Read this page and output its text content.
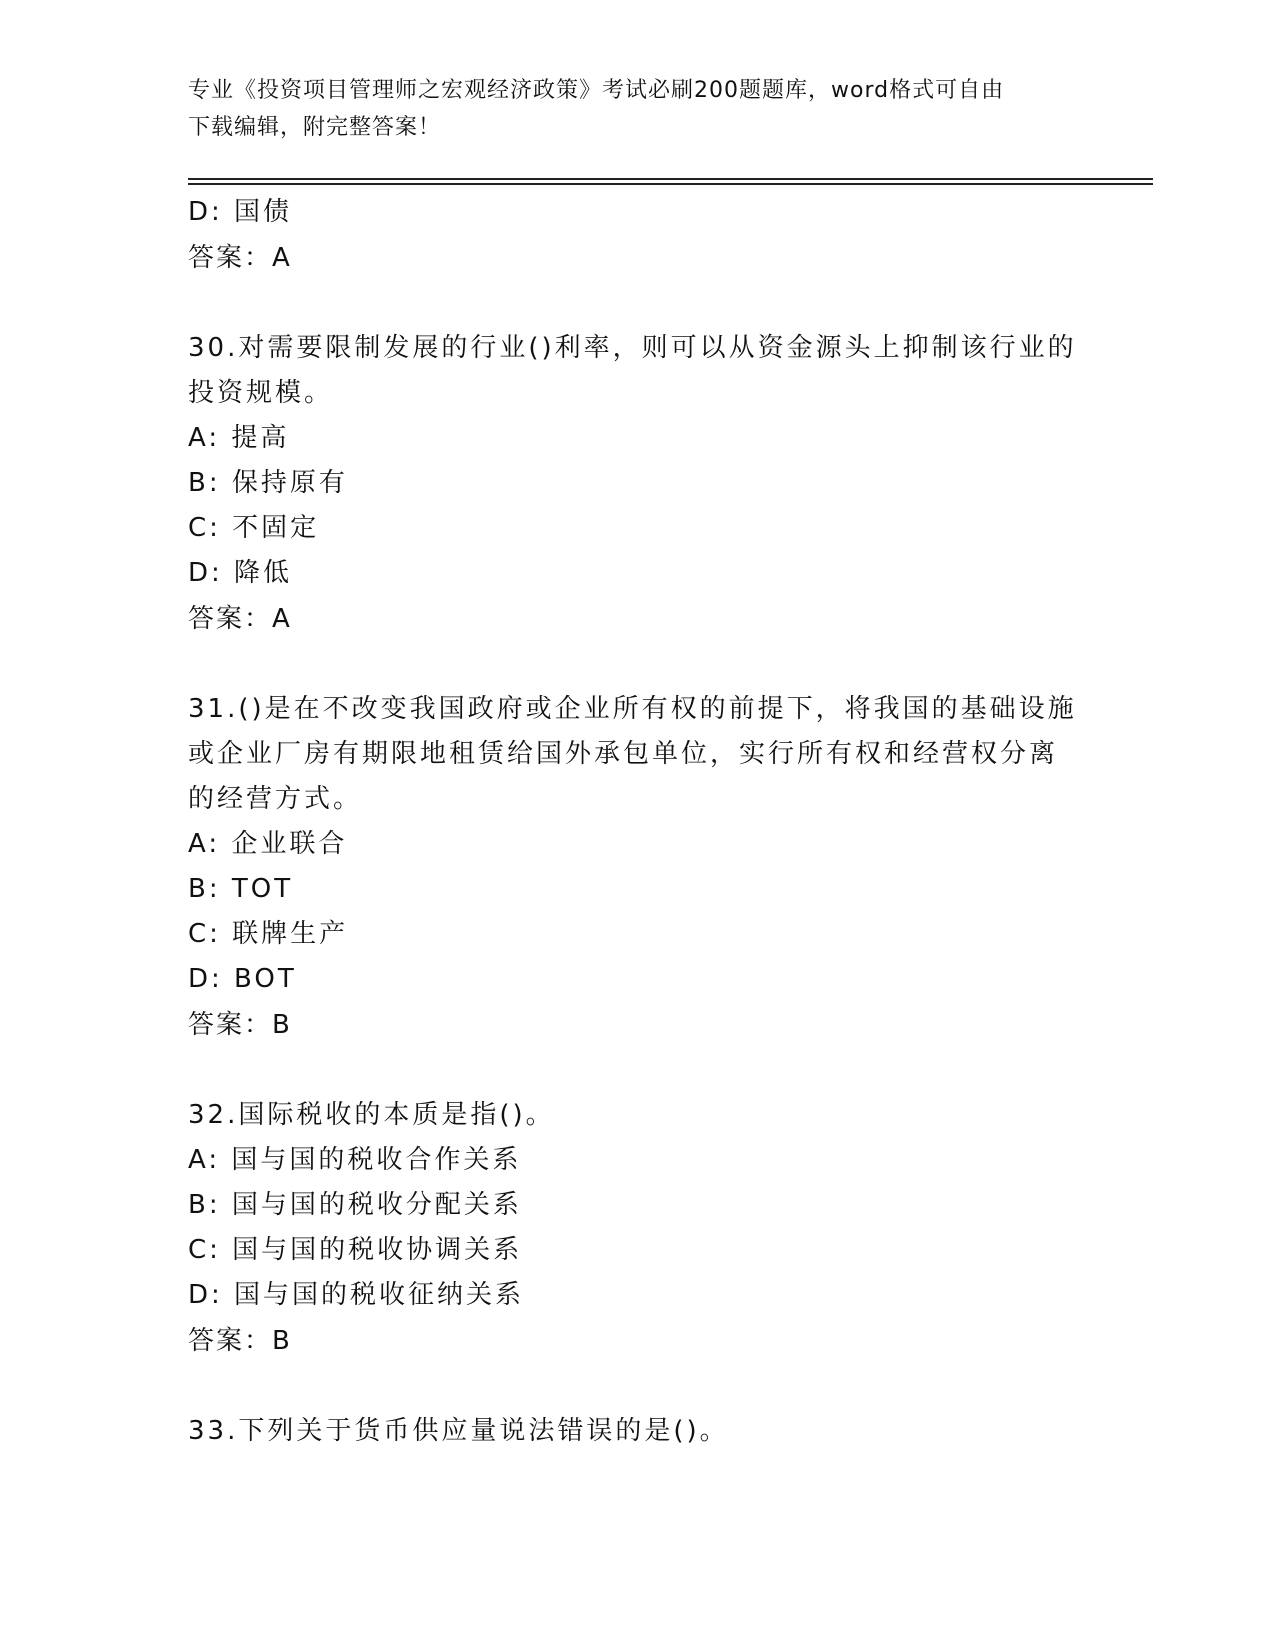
专业《投资项目管理师之宏观经济政策》考试必刷200题题库，word格式可自由
下载编辑，附完整答案！
D: 国债
答案：A
30.对需要限制发展的行业()利率，则可以从资金源头上抑制该行业的
投资规模。
A: 提高
B: 保持原有
C: 不固定
D: 降低
答案：A
31.()是在不改变我国政府或企业所有权的前提下，将我国的基础设施
或企业厂房有期限地租赁给国外承包单位，实行所有权和经营权分离
的经营方式。
A: 企业联合
B: TOT
C: 联牌生产
D: BOT
答案：B
32.国际税收的本质是指()。
A: 国与国的税收合作关系
B: 国与国的税收分配关系
C: 国与国的税收协调关系
D: 国与国的税收征纳关系
答案：B
33.下列关于货币供应量说法错误的是()。
